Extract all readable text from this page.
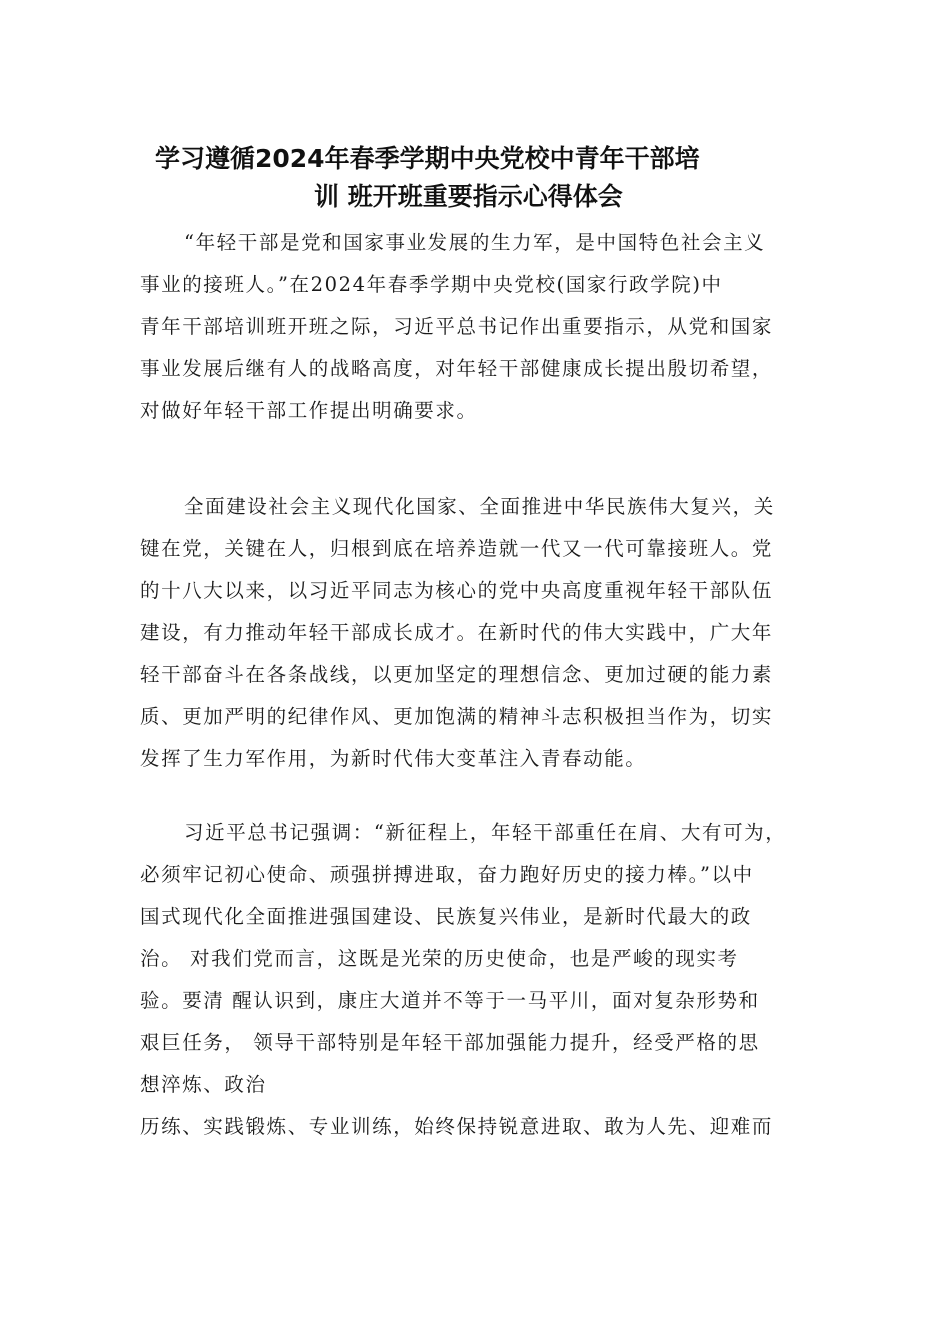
学习遵循2024年春季学期中央党校中青年干部培
训 班开班重要指示心得体会
“年轻干部是党和国家事业发展的生力军，是中国特色社会主义
事业的接班人。”在2024年春季学期中央党校(国家行政学院)中
青年干部培训班开班之际，习近平总书记作出重要指示，从党和国家
事业发展后继有人的战略高度，对年轻干部健康成长提出殷切希望，
对做好年轻干部工作提出明确要求。
全面建设社会主义现代化国家、全面推进中华民族伟大复兴，关
键在党，关键在人，归根到底在培养造就一代又一代可靠接班人。党
的十八大以来，以习近平同志为核心的党中央高度重视年轻干部队伍
建设，有力推动年轻干部成长成才。在新时代的伟大实践中，广大年
轻干部奋斗在各条战线，以更加坚定的理想信念、更加过硬的能力素
质、更加严明的纪律作风、更加饱满的精神斗志积极担当作为，切实
发挥了生力军作用，为新时代伟大变革注入青春动能。
习近平总书记强调：“新征程上，年轻干部重任在肩、大有可为，
必须牢记初心使命、顽强拼搏进取，奋力跑好历史的接力棒。”以中
国式现代化全面推进强国建设、民族复兴伟业，是新时代最大的政
治。 对我们党而言，这既是光荣的历史使命，也是严峻的现实考
验。要清 醒认识到，康庄大道并不等于一马平川，面对复杂形势和
艰巨任务， 领导干部特别是年轻干部加强能力提升，经受严格的思
想淬炼、政治
历练、实践锻炼、专业训练，始终保持锐意进取、敢为人先、迎难而
